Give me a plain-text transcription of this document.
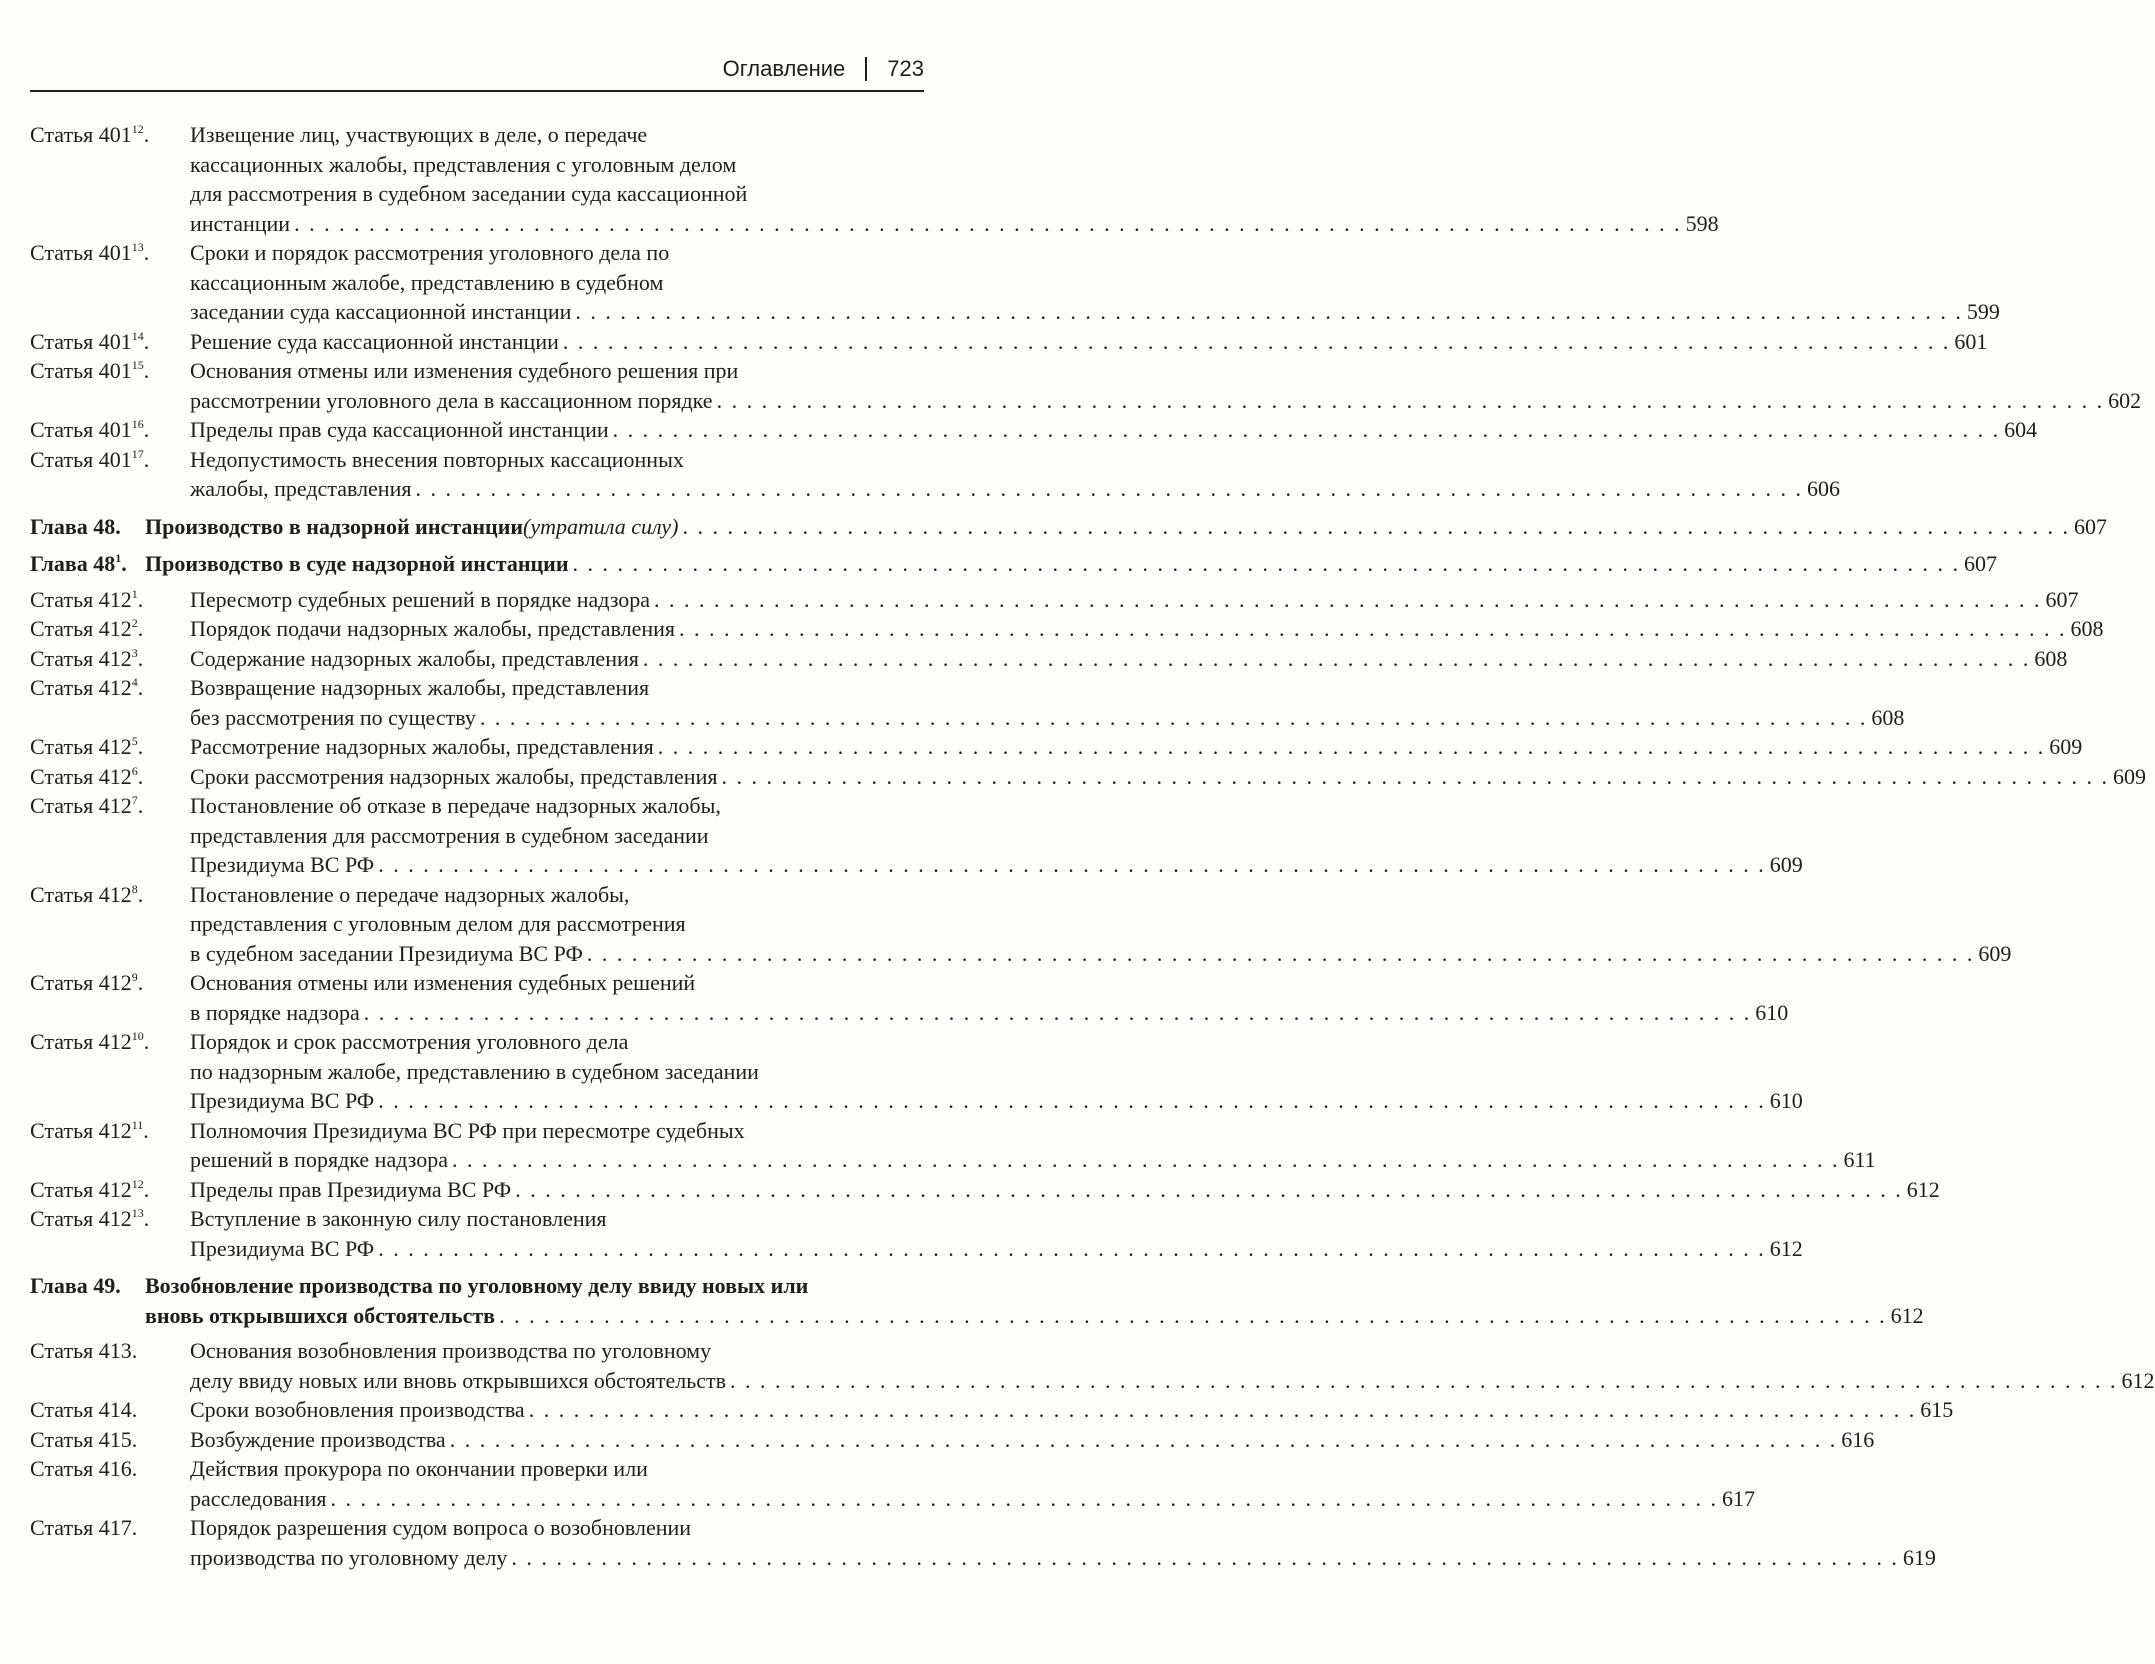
Оглавление 723
Статья $401^{12}$.	Извещение лиц, участвующих в деле, о передаче
кассационных жалобы, представления с уголовным делом
для рассмотрения в судебном заседании суда кассационной
инстанции . . .	598
Статья $401^{13}$.	Сроки и порядок рассмотрения уголовного дела по
кассационным жалобе, представлению в судебном
заседании суда кассационной инстанции . . .	599
Статья $401^{14}$.	Решение суда кассационной инстанции . . .	601
Статья $401^{15}$.	Основания отмены или изменения судебного решения при
рассмотрении уголовного дела в кассационном порядке . . .	602
Статья $401^{16}$.	Пределы прав суда кассационной инстанции . . .	604
Статья $401^{17}$.	Недопустимость внесения повторных кассационных
жалобы, представления . . .	606
Глава 48.	Производство в надзорной инстанции (утратила силу) . . .	607
Глава $48^1$. Производство в суде надзорной инстанции . . .	607
Статья $412^1$.	Пересмотр судебных решений в порядке надзора . . .	607
Статья $412^2$.	Порядок подачи надзорных жалобы, представления . . .	608
Статья $412^3$.	Содержание надзорных жалобы, представления . . .	608
Статья $412^4$.	Возвращение надзорных жалобы, представления
без рассмотрения по существу . . .	608
Статья $412^5$.	Рассмотрение надзорных жалобы, представления . . .	609
Статья $412^6$.	Сроки рассмотрения надзорных жалобы, представления . . .	609
Статья $412^7$.	Постановление об отказе в передаче надзорных жалобы,
представления для рассмотрения в судебном заседании
Президиума ВС РФ . . .	609
Статья $412^8$.	Постановление о передаче надзорных жалобы,
представления с уголовным делом для рассмотрения
в судебном заседании Президиума ВС РФ . . .	609
Статья $412^9$.	Основания отмены или изменения судебных решений
в порядке надзора . . .	610
Статья $412^{10}$.	Порядок и срок рассмотрения уголовного дела
по надзорным жалобе, представлению в судебном заседании
Президиума ВС РФ . . .	610
Статья $412^{11}$.	Полномочия Президиума ВС РФ при пересмотре судебных
решений в порядке надзора . . .	611
Статья $412^{12}$.	Пределы прав Президиума ВС РФ . . .	612
Статья $412^{13}$.	Вступление в законную силу постановления
Президиума ВС РФ . . .	612
Глава 49.	Возобновление производства по уголовному делу ввиду новых или
вновь открывшихся обстоятельств . . .	612
Статья 413.	Основания возобновления производства по уголовному
делу ввиду новых или вновь открывшихся обстоятельств . . .	612
Статья 414.	Сроки возобновления производства . . .	615
Статья 415.	Возбуждение производства . . .	616
Статья 416.	Действия прокурора по окончании проверки или
расследования . . .	617
Статья 417.	Порядок разрешения судом вопроса о возобновлении
производства по уголовному делу . . .	619
